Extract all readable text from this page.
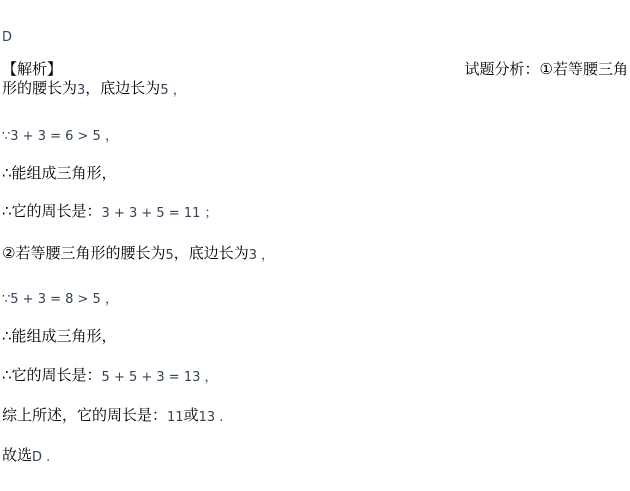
D
【解析】	试题分析：①若等腰三角
形的腰长为3，底边长为5 ，
∵3 + 3 = 6 > 5 ，
∴能组成三角形，
∴它的周长是：3 + 3 + 5 = 11 ；
②若等腰三角形的腰长为5，底边长为3 ，
∵5 + 3 = 8 > 5 ，
∴能组成三角形，
∴它的周长是：5 + 5 + 3 = 13 ，
综上所述，它的周长是：11或13 .
故选D .
